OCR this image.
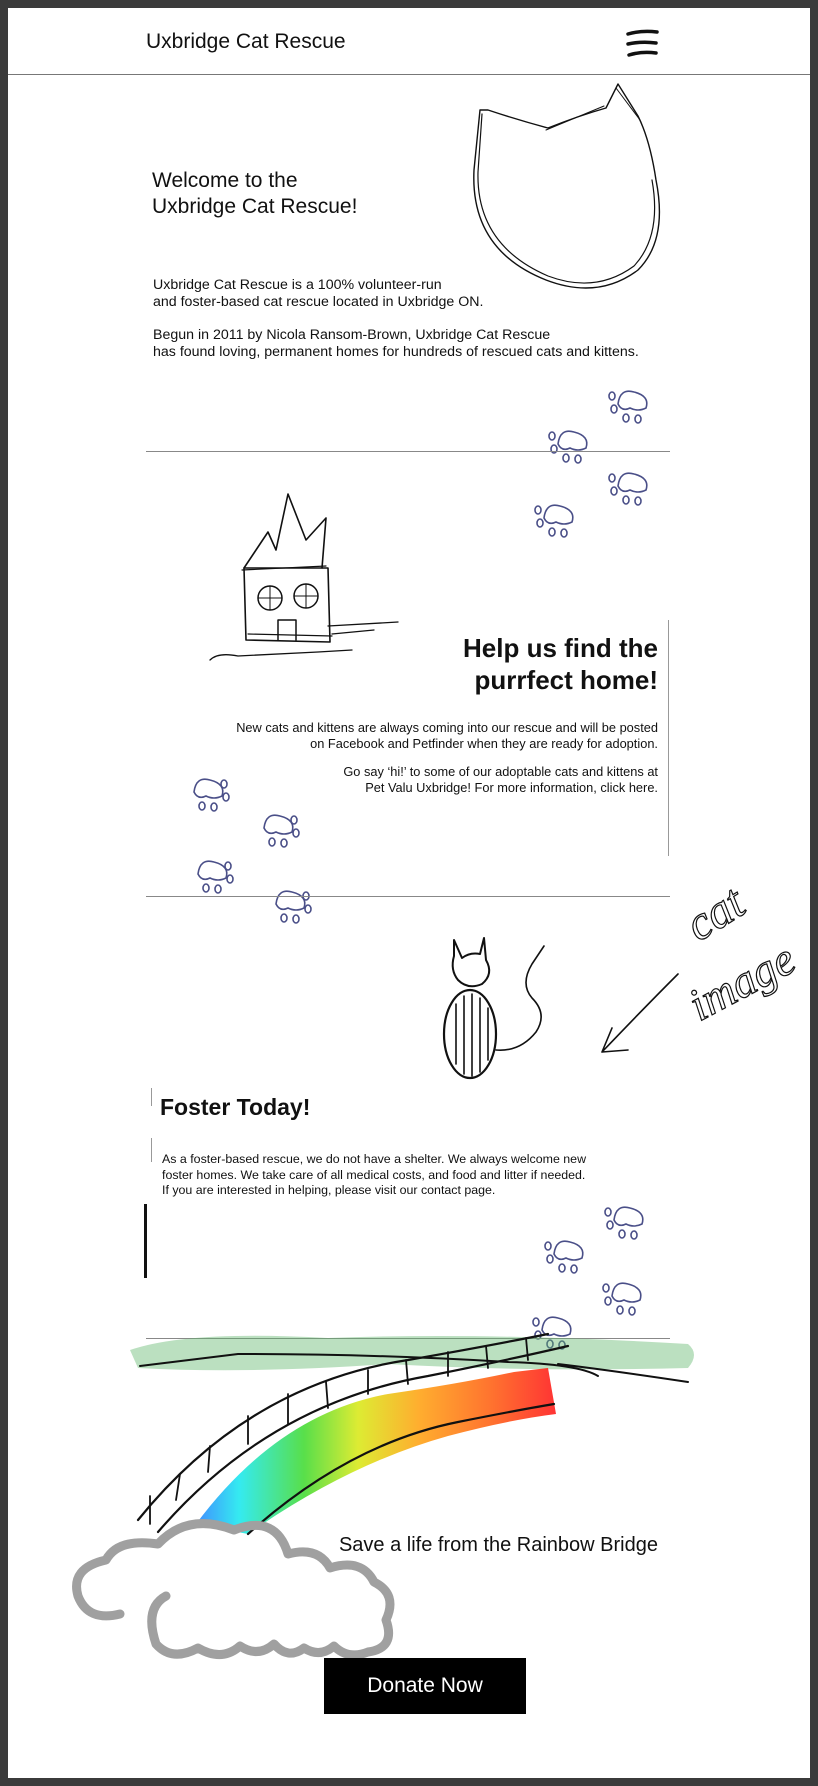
Uxbridge Cat Rescue
Welcome to the
Uxbridge Cat Rescue!
Uxbridge Cat Rescue is a 100% volunteer-run
and foster-based cat rescue located in Uxbridge ON.
Begun in 2011 by Nicola Ransom-Brown, Uxbridge Cat Rescue
has found loving, permanent homes for hundreds of rescued cats and kittens.
Help us find the
purrfect home!
New cats and kittens are always coming into our rescue and will be posted
on Facebook and Petfinder when they are ready for adoption.
Go say ‘hi!’ to some of our adoptable cats and kittens at
Pet Valu Uxbridge! For more information, click here.
cat
image
Foster Today!
As a foster-based rescue, we do not have a shelter. We always welcome new
foster homes. We take care of all medical costs, and food and litter if needed.
If you are interested in helping, please visit our contact page.
Save a life from the Rainbow Bridge
Donate Now
